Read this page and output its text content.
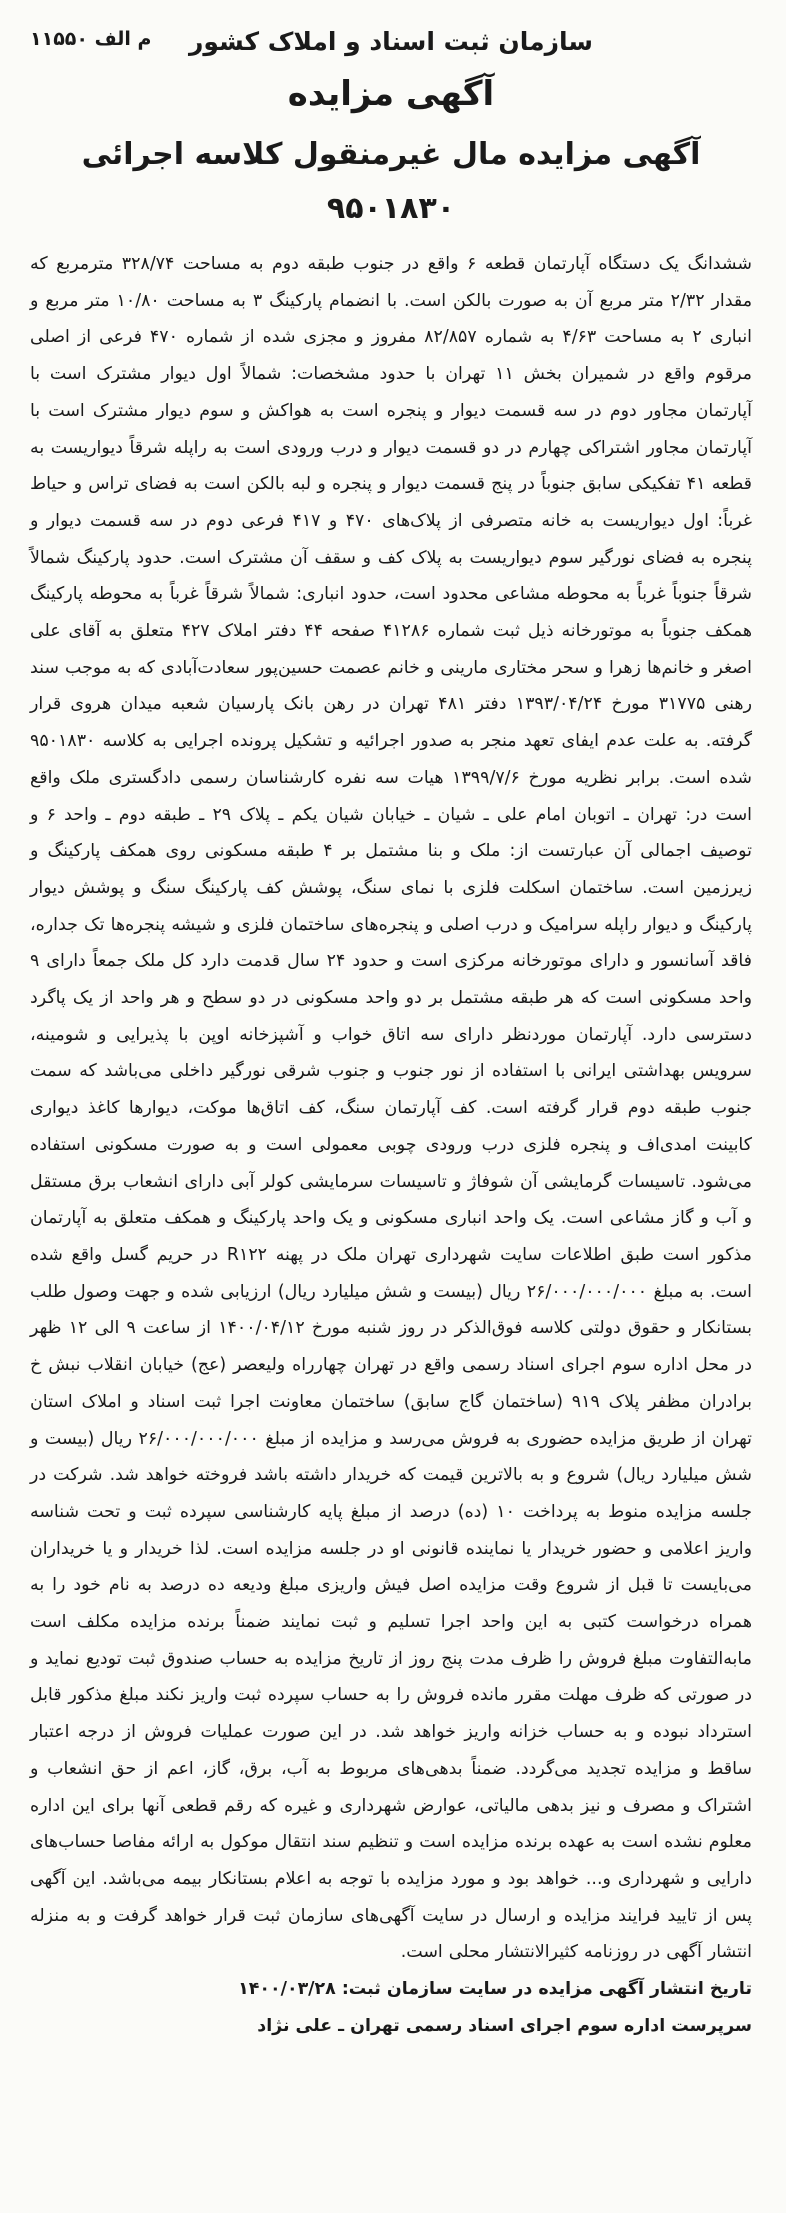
سازمان ثبت اسناد و املاک کشور
م الف ۱۱۵۵۰
آگهی مزایده
آگهی مزایده مال غیرمنقول کلاسه اجرائی ۹۵۰۱۸۳۰

ششدانگ یک دستگاه آپارتمان قطعه ۶ واقع در جنوب طبقه دوم به مساحت ۳۲۸/۷۴ مترمربع که مقدار ۲/۳۲ متر مربع آن به صورت بالکن است. با انضمام پارکینگ ۳ به مساحت ۱۰/۸۰ متر مربع و انباری ۲ به مساحت ۴/۶۳ به شماره ۸۲/۸۵۷ مفروز و مجزی شده از شماره ۴۷۰ فرعی از اصلی مرقوم واقع در شمیران بخش ۱۱ تهران با حدود مشخصات: شمالاً اول دیوار مشترک است با آپارتمان مجاور دوم در سه قسمت دیوار و پنجره است به هواکش و سوم دیوار مشترک است با آپارتمان مجاور اشتراکی چهارم در دو قسمت دیوار و درب ورودی است به راپله شرقاً دیواریست به قطعه ۴۱ تفکیکی سابق جنوباً در پنج قسمت دیوار و پنجره و لبه بالکن است به فضای تراس و حیاط غرباً: اول دیواریست به خانه متصرفی از پلاک‌های ۴۷۰ و ۴۱۷ فرعی دوم در سه قسمت دیوار و پنجره به فضای نورگیر سوم دیواریست به پلاک کف و سقف آن مشترک است. حدود پارکینگ شمالاً شرقاً جنوباً غرباً به محوطه مشاعی محدود است، حدود انباری: شمالاً شرقاً غرباً به محوطه پارکینگ همکف جنوباً به موتورخانه ذیل ثبت شماره ۴۱۲۸۶ صفحه ۴۴ دفتر املاک ۴۲۷ متعلق به آقای علی اصغر و خانم‌ها زهرا و سحر مختاری مارینی و خانم عصمت حسین‌پور سعادت‌آبادی که به موجب سند رهنی ۳۱۷۷۵ مورخ ۱۳۹۳/۰۴/۲۴ دفتر ۴۸۱ تهران در رهن بانک پارسیان شعبه میدان هروی قرار گرفته. به علت عدم ایفای تعهد منجر به صدور اجرائیه و تشکیل پرونده اجرایی به کلاسه ۹۵۰۱۸۳۰ شده است. برابر نظریه مورخ ۱۳۹۹/۷/۶ هیات سه نفره کارشناسان رسمی دادگستری ملک واقع است در: تهران ـ اتوبان امام علی ـ شیان ـ خیابان شیان یکم ـ پلاک ۲۹ ـ طبقه دوم ـ واحد ۶ و توصیف اجمالی آن عبارتست از: ملک و بنا مشتمل بر ۴ طبقه مسکونی روی همکف پارکینگ و زیرزمین است. ساختمان اسکلت فلزی با نمای سنگ، پوشش کف پارکینگ سنگ و پوشش دیوار پارکینگ و دیوار راپله سرامیک و درب اصلی و پنجره‌های ساختمان فلزی و شیشه پنجره‌ها تک جداره، فاقد آسانسور و دارای موتورخانه مرکزی است و حدود ۲۴ سال قدمت دارد کل ملک جمعاً دارای ۹ واحد مسکونی است که هر طبقه مشتمل بر دو واحد مسکونی در دو سطح و هر واحد از یک پاگرد دسترسی دارد. آپارتمان موردنظر دارای سه اتاق خواب و آشپزخانه اوپن با پذیرایی و شومینه، سرویس بهداشتی ایرانی با استفاده از نور جنوب و جنوب شرقی نورگیر داخلی می‌باشد که سمت جنوب طبقه دوم قرار گرفته است. کف آپارتمان سنگ، کف اتاق‌ها موکت، دیوارها کاغذ دیواری کابینت امدی‌اف و پنجره فلزی درب ورودی چوبی معمولی است و به صورت مسکونی استفاده می‌شود. تاسیسات گرمایشی آن شوفاژ و تاسیسات سرمایشی کولر آبی دارای انشعاب برق مستقل و آب و گاز مشاعی است. یک واحد انباری مسکونی و یک واحد پارکینگ و همکف متعلق به آپارتمان مذکور است طبق اطلاعات سایت شهرداری تهران ملک در پهنه R۱۲۲ در حریم گسل واقع شده است. به مبلغ ۲۶/۰۰۰/۰۰۰/۰۰۰ ریال (بیست و شش میلیارد ریال) ارزیابی شده و جهت وصول طلب بستانکار و حقوق دولتی کلاسه فوق‌الذکر در روز شنبه مورخ ۱۴۰۰/۰۴/۱۲ از ساعت ۹ الی ۱۲ ظهر در محل اداره سوم اجرای اسناد رسمی واقع در تهران چهارراه ولیعصر (عج) خیابان انقلاب نبش خ برادران مظفر پلاک ۹۱۹ (ساختمان گاج سابق) ساختمان معاونت اجرا ثبت اسناد و املاک استان تهران از طریق مزایده حضوری به فروش می‌رسد و مزایده از مبلغ ۲۶/۰۰۰/۰۰۰/۰۰۰ ریال (بیست و شش میلیارد ریال) شروع و به بالاترین قیمت که خریدار داشته باشد فروخته خواهد شد. شرکت در جلسه مزایده منوط به پرداخت ۱۰ (ده) درصد از مبلغ پایه کارشناسی سپرده ثبت و تحت شناسه واریز اعلامی و حضور خریدار یا نماینده قانونی او در جلسه مزایده است. لذا خریدار و یا خریداران می‌بایست تا قبل از شروع وقت مزایده اصل فیش واریزی مبلغ ودیعه ده درصد به نام خود را به همراه درخواست کتبی به این واحد اجرا تسلیم و ثبت نمایند ضمناً برنده مزایده مکلف است مابه‌التفاوت مبلغ فروش را ظرف مدت پنج روز از تاریخ مزایده به حساب صندوق ثبت تودیع نماید و در صورتی که ظرف مهلت مقرر مانده فروش را به حساب سپرده ثبت واریز نکند مبلغ مذکور قابل استرداد نبوده و به حساب خزانه واریز خواهد شد. در این صورت عملیات فروش از درجه اعتبار ساقط و مزایده تجدید می‌گردد. ضمناً بدهی‌های مربوط به آب، برق، گاز، اعم از حق انشعاب و اشتراک و مصرف و نیز بدهی مالیاتی، عوارض شهرداری و غیره که رقم قطعی آنها برای این اداره معلوم نشده است به عهده برنده مزایده است و تنظیم سند انتقال موکول به ارائه مفاصا حساب‌های دارایی و شهرداری و... خواهد بود و مورد مزایده با توجه به اعلام بستانکار بیمه می‌باشد. این آگهی پس از تایید فرایند مزایده و ارسال در سایت آگهی‌های سازمان ثبت قرار خواهد گرفت و به منزله انتشار آگهی در روزنامه کثیرالانتشار محلی است.

تاریخ انتشار آگهی مزایده در سایت سازمان ثبت: ۱۴۰۰/۰۳/۲۸

سرپرست اداره سوم اجرای اسناد رسمی تهران ـ علی نژاد
